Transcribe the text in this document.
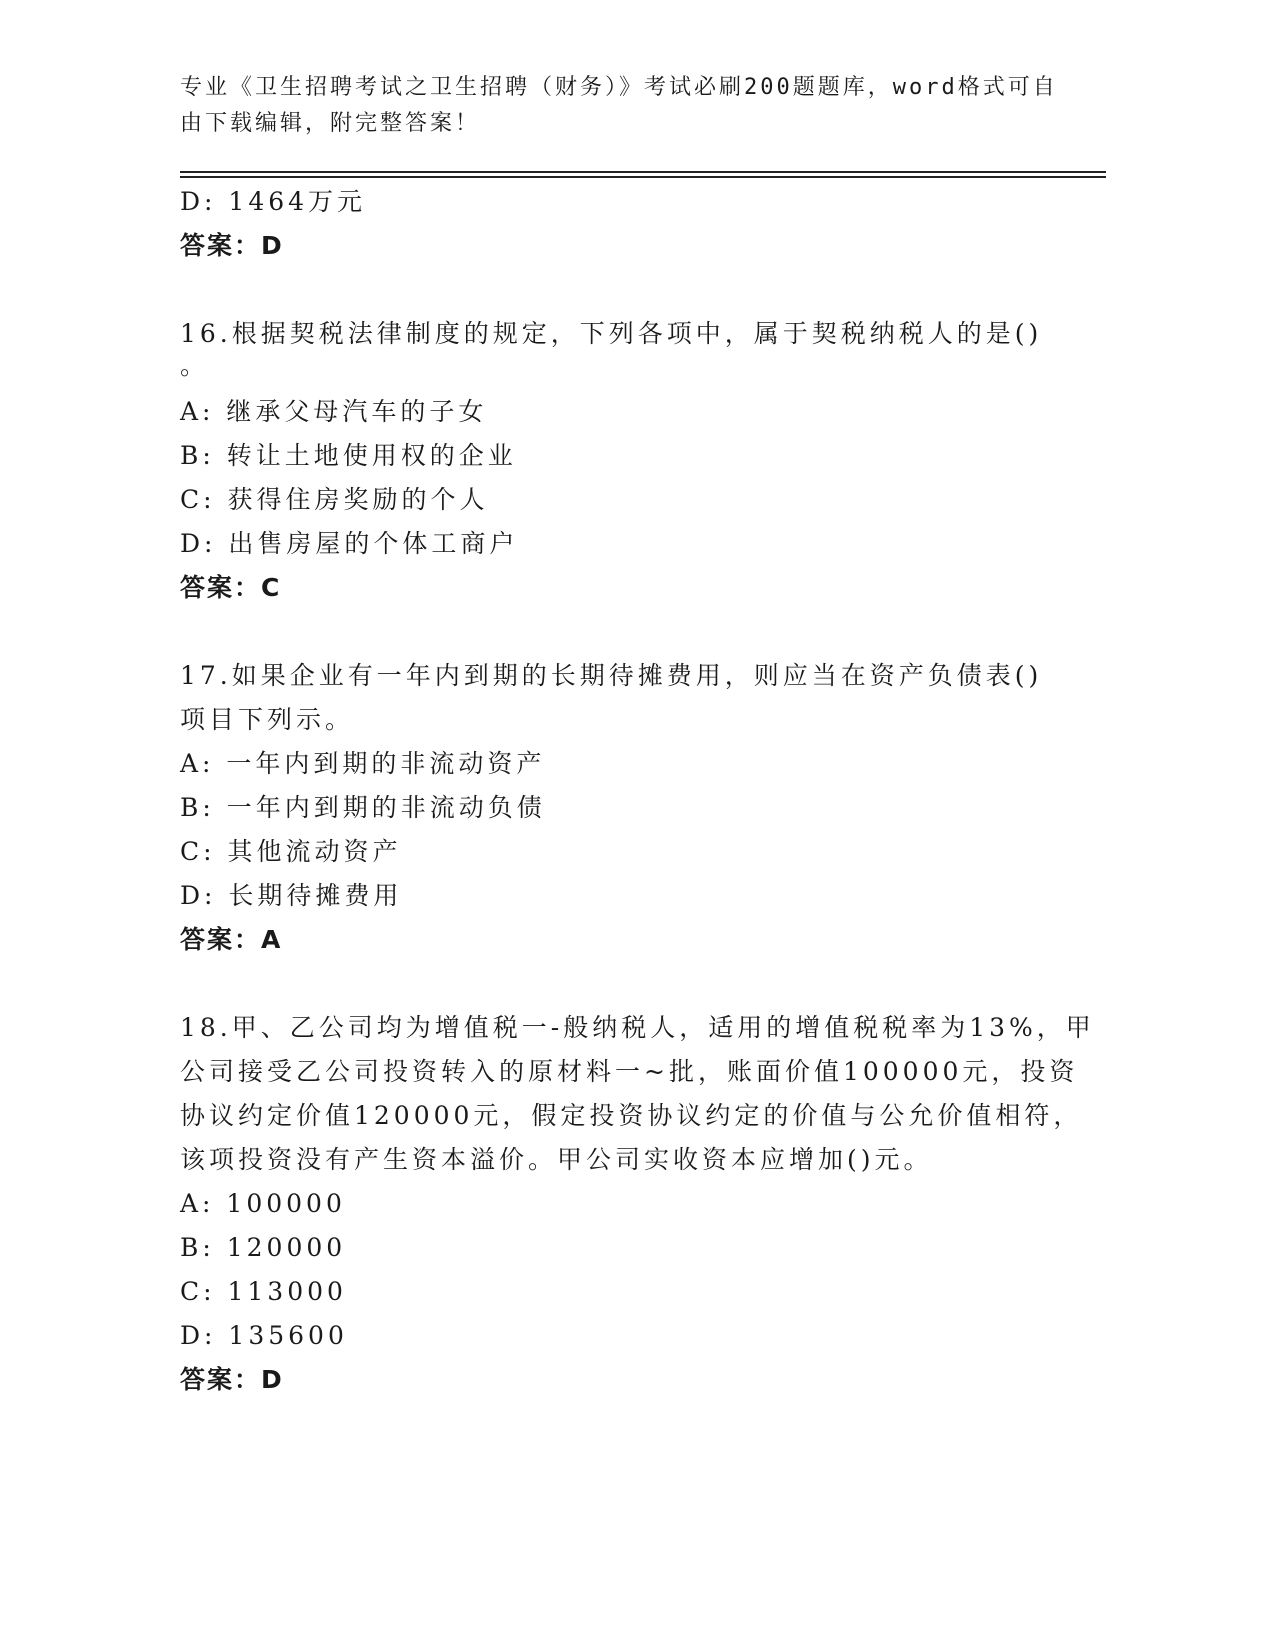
专业《卫生招聘考试之卫生招聘（财务）》考试必刷200题题库，word格式可自
由下载编辑，附完整答案！
D: 1464万元
答案：D
16.根据契税法律制度的规定，下列各项中，属于契税纳税人的是()
。
A: 继承父母汽车的子女
B: 转让土地使用权的企业
C: 获得住房奖励的个人
D: 出售房屋的个体工商户
答案：C
17.如果企业有一年内到期的长期待摊费用，则应当在资产负债表()
项目下列示。
A: 一年内到期的非流动资产
B: 一年内到期的非流动负债
C: 其他流动资产
D: 长期待摊费用
答案：A
18.甲、乙公司均为增值税一-般纳税人，适用的增值税税率为13%，甲
公司接受乙公司投资转入的原材料一~批，账面价值100000元，投资
协议约定价值120000元，假定投资协议约定的价值与公允价值相符，
该项投资没有产生资本溢价。甲公司实收资本应增加()元。
A: 100000
B: 120000
C: 113000
D: 135600
答案：D
